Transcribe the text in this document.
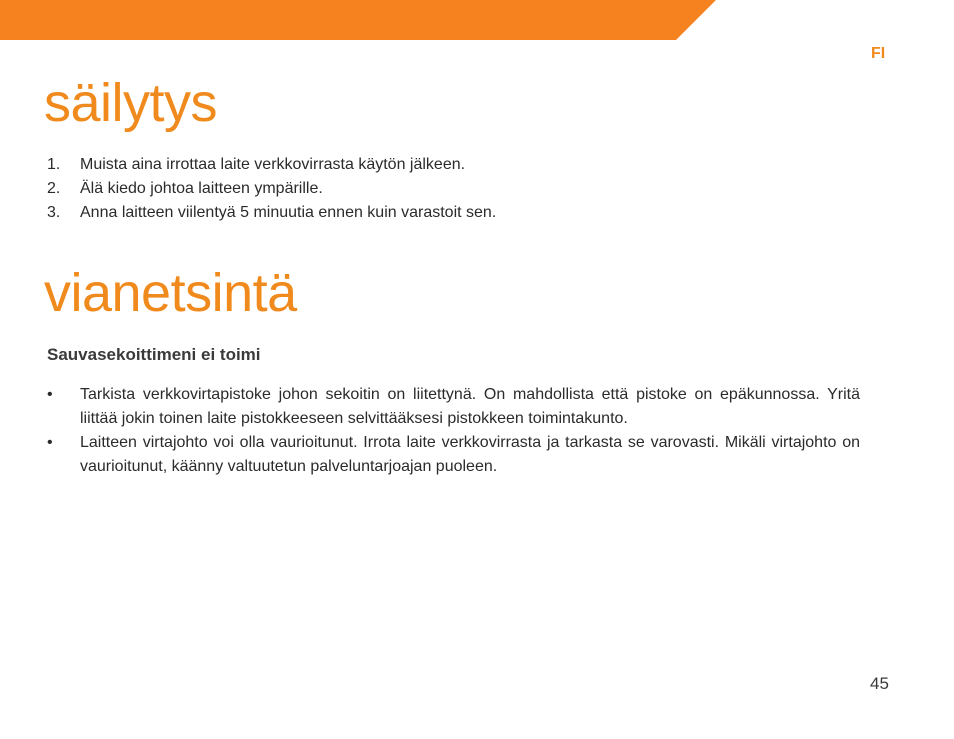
FI
säilytys
1. Muista aina irrottaa laite verkkovirrasta käytön jälkeen.
2. Älä kiedo johtoa laitteen ympärille.
3. Anna laitteen viilentyä 5 minuutia ennen kuin varastoit sen.
vianetsintä
Sauvasekoittimeni ei toimi
• Tarkista verkkovirtapistoke johon sekoitin on liitettynä. On mahdollista että pistoke on epäkunnossa. Yritä liittää jokin toinen laite pistokkeeseen selvittääksesi pistokkeen toimintakunto.
• Laitteen virtajohto voi olla vaurioitunut. Irrota laite verkkovirrasta ja tarkasta se varovasti. Mikäli virtajohto on vaurioitunut, käänny valtuutetun palveluntarjoajan puoleen.
45
